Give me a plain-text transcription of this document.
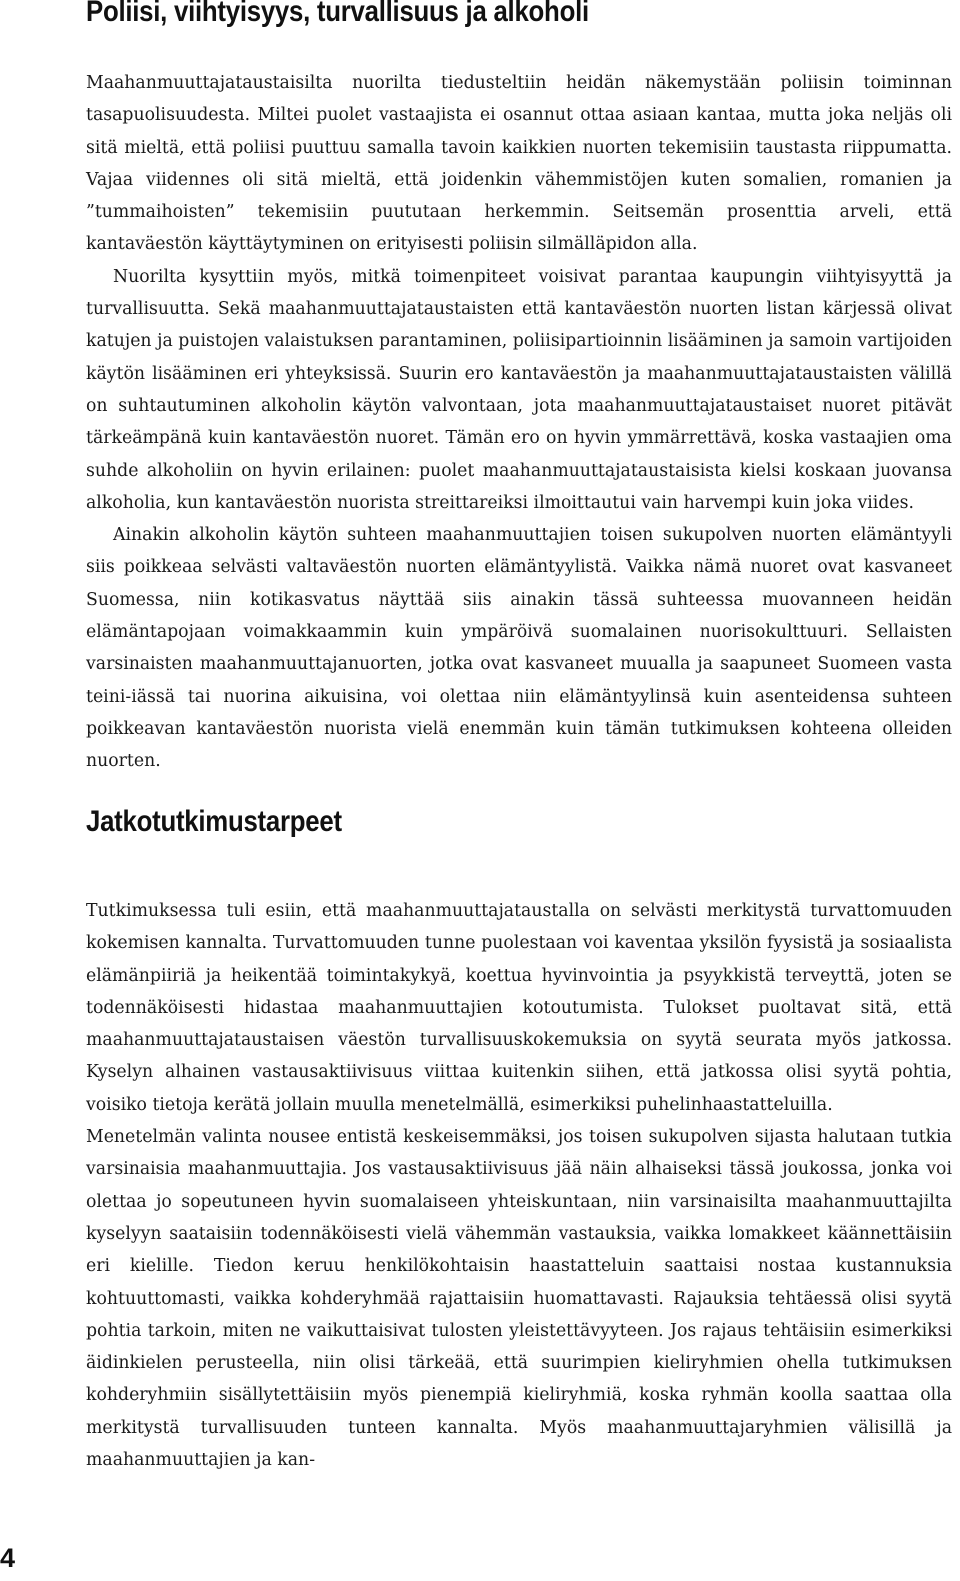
Poliisi, viihtyisyys, turvallisuus ja alkoholi

Maahanmuuttajataustaisilta nuorilta tiedusteltiin heidän näkemystään poliisin toiminnan tasapuolisuudesta. Miltei puolet vastaajista ei osannut ottaa asiaan kantaa, mutta joka neljäs oli sitä mieltä, että poliisi puuttuu samalla tavoin kaikkien nuorten tekemisiin taustasta riippumatta. Vajaa viidennes oli sitä mieltä, että joidenkin vähemmistöjen kuten somalien, romanien ja ”tummaihoisten” tekemisiin puututaan herkemmin. Seitsemän prosenttia arveli, että kantaväestön käyttäytyminen on erityisesti poliisin silmälläpidon alla.

Nuorilta kysyttiin myös, mitkä toimenpiteet voisivat parantaa kaupungin viihtyisyyttä ja turvallisuutta. Sekä maahanmuuttajataustaisten että kantaväestön nuorten listan kärjessä olivat katujen ja puistojen valaistuksen parantaminen, poliisipartioinnin lisääminen ja samoin vartijoiden käytön lisääminen eri yhteyksissä. Suurin ero kantaväestön ja maahanmuuttajataustaisten välillä on suhtautuminen alkoholin käytön valvontaan, jota maahanmuuttajataustaiset nuoret pitävät tärkeämpänä kuin kantaväestön nuoret. Tämän ero on hyvin ymmärrettävä, koska vastaajien oma suhde alkoholiin on hyvin erilainen: puolet maahanmuuttajataustaisista kielsi koskaan juovansa alkoholia, kun kantaväestön nuorista streittareiksi ilmoittautui vain harvempi kuin joka viides.

Ainakin alkoholin käytön suhteen maahanmuuttajien toisen sukupolven nuorten elämäntyyli siis poikkeaa selvästi valtaväestön nuorten elämäntyylistä. Vaikka nämä nuoret ovat kasvaneet Suomessa, niin kotikasvatus näyttää siis ainakin tässä suhteessa muovanneen heidän elämäntapojaan voimakkaammin kuin ympäröivä suomalainen nuorisokulttuuri. Sellaisten varsinaisten maahanmuuttajanuorten, jotka ovat kasvaneet muualla ja saapuneet Suomeen vasta teini-iässä tai nuorina aikuisina, voi olettaa niin elämäntyylinsä kuin asenteidensa suhteen poikkeavan kantaväestön nuorista vielä enemmän kuin tämän tutkimuksen kohteena olleiden nuorten.

Jatkotutkimustarpeet

Tutkimuksessa tuli esiin, että maahanmuuttajataustalla on selvästi merkitystä turvattomuuden kokemisen kannalta. Turvattomuuden tunne puolestaan voi kaventaa yksilön fyysistä ja sosiaalista elämänpiiriä ja heikentää toimintakykyä, koettua hyvinvointia ja psyykkistä terveyttä, joten se todennäköisesti hidastaa maahanmuuttajien kotoutumista. Tulokset puoltavat sitä, että maahanmuuttajataustaisen väestön turvallisuuskokemuksia on syytä seurata myös jatkossa. Kyselyn alhainen vastausaktiivisuus viittaa kuitenkin siihen, että jatkossa olisi syytä pohtia, voisiko tietoja kerätä jollain muulla menetelmällä, esimerkiksi puhelinhaastatteluilla.

Menetelmän valinta nousee entistä keskeisemmäksi, jos toisen sukupolven sijasta halutaan tutkia varsinaisia maahanmuuttajia. Jos vastausaktiivisuus jää näin alhaiseksi tässä joukossa, jonka voi olettaa jo sopeutuneen hyvin suomalaiseen yhteiskuntaan, niin varsinaisilta maahanmuuttajilta kyselyyn saataisiin todennäköisesti vielä vähemmän vastauksia, vaikka lomakkeet käännettäisiin eri kielille. Tiedon keruu henkilökohtaisin haastatteluin saattaisi nostaa kustannuksia kohtuuttomasti, vaikka kohderyhmää rajattaisiin huomattavasti. Rajauksia tehtäessä olisi syytä pohtia tarkoin, miten ne vaikuttaisivat tulosten yleistettävyyteen. Jos rajaus tehtäisiin esimerkiksi äidinkielen perusteella, niin olisi tärkeää, että suurimpien kieliryhmien ohella tutkimuksen kohderyhmiin sisällytettäisiin myös pienempiä kieliryhmiä, koska ryhmän koolla saattaa olla merkitystä turvallisuuden tunteen kannalta. Myös maahanmuuttajaryhmien välisillä ja maahanmuuttajien ja kan-

4
